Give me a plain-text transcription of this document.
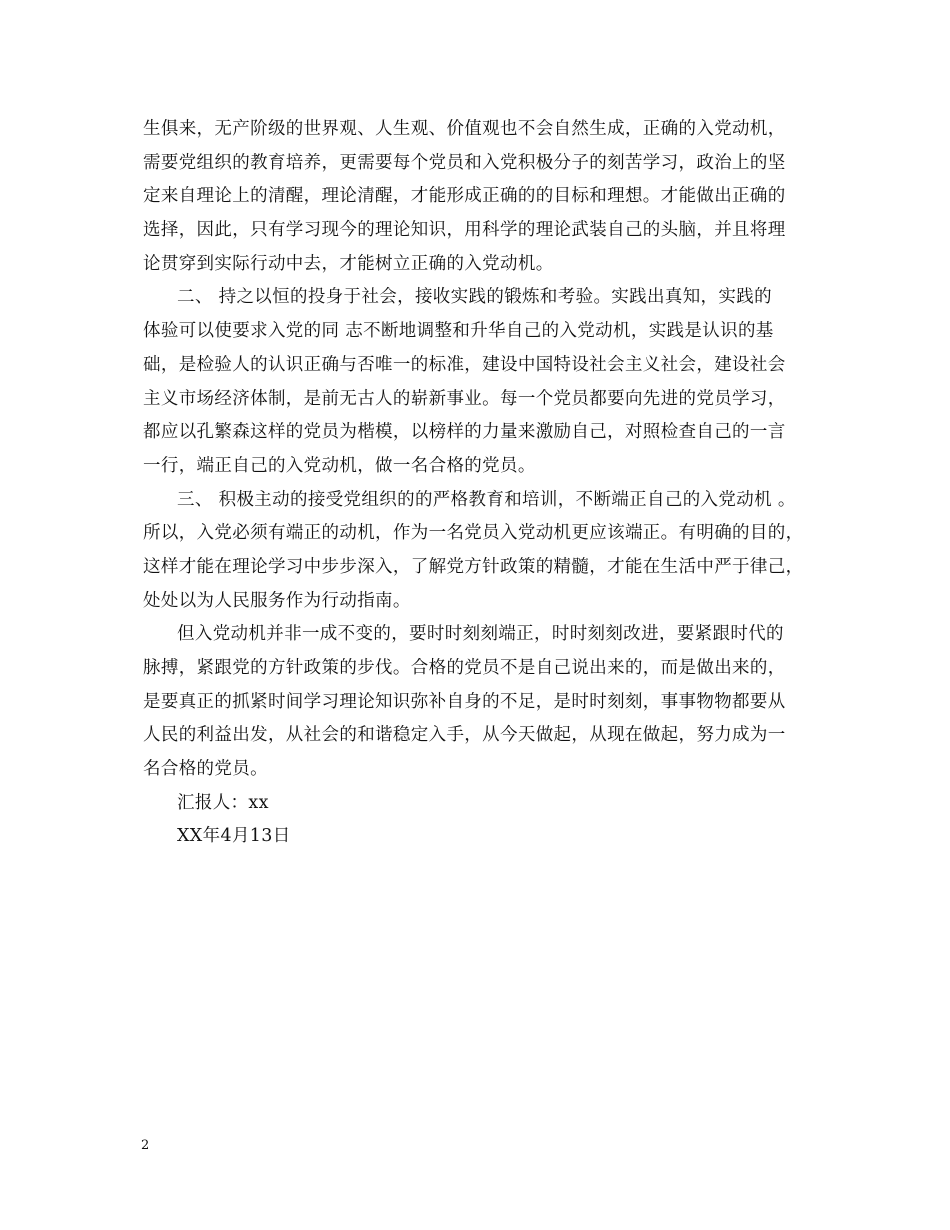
生俱来，无产阶级的世界观、人生观、价值观也不会自然生成，正确的入党动机，
需要党组织的教育培养，更需要每个党员和入党积极分子的刻苦学习，政治上的坚
定来自理论上的清醒，理论清醒，才能形成正确的的目标和理想。才能做出正确的
选择，因此，只有学习现今的理论知识，用科学的理论武装自己的头脑，并且将理
论贯穿到实际行动中去，才能树立正确的入党动机。
二、 持之以恒的投身于社会，接收实践的锻炼和考验。实践出真知，实践的
体验可以使要求入党的同 志不断地调整和升华自己的入党动机，实践是认识的基
础，是检验人的认识正确与否唯一的标准，建设中国特设社会主义社会，建设社会
主义市场经济体制，是前无古人的崭新事业。每一个党员都要向先进的党员学习，
都应以孔繁森这样的党员为楷模，以榜样的力量来激励自己，对照检查自己的一言
一行，端正自己的入党动机，做一名合格的党员。
三、 积极主动的接受党组织的的严格教育和培训，不断端正自己的入党动机 。
所以，入党必须有端正的动机，作为一名党员入党动机更应该端正。有明确的目的，
这样才能在理论学习中步步深入，了解党方针政策的精髓，才能在生活中严于律己，
处处以为人民服务作为行动指南。
但入党动机并非一成不变的，要时时刻刻端正，时时刻刻改进，要紧跟时代的
脉搏，紧跟党的方针政策的步伐。合格的党员不是自己说出来的，而是做出来的，
是要真正的抓紧时间学习理论知识弥补自身的不足，是时时刻刻，事事物物都要从
人民的利益出发，从社会的和谐稳定入手，从今天做起，从现在做起，努力成为一
名合格的党员。
汇报人：xx
XX年4月13日
2
